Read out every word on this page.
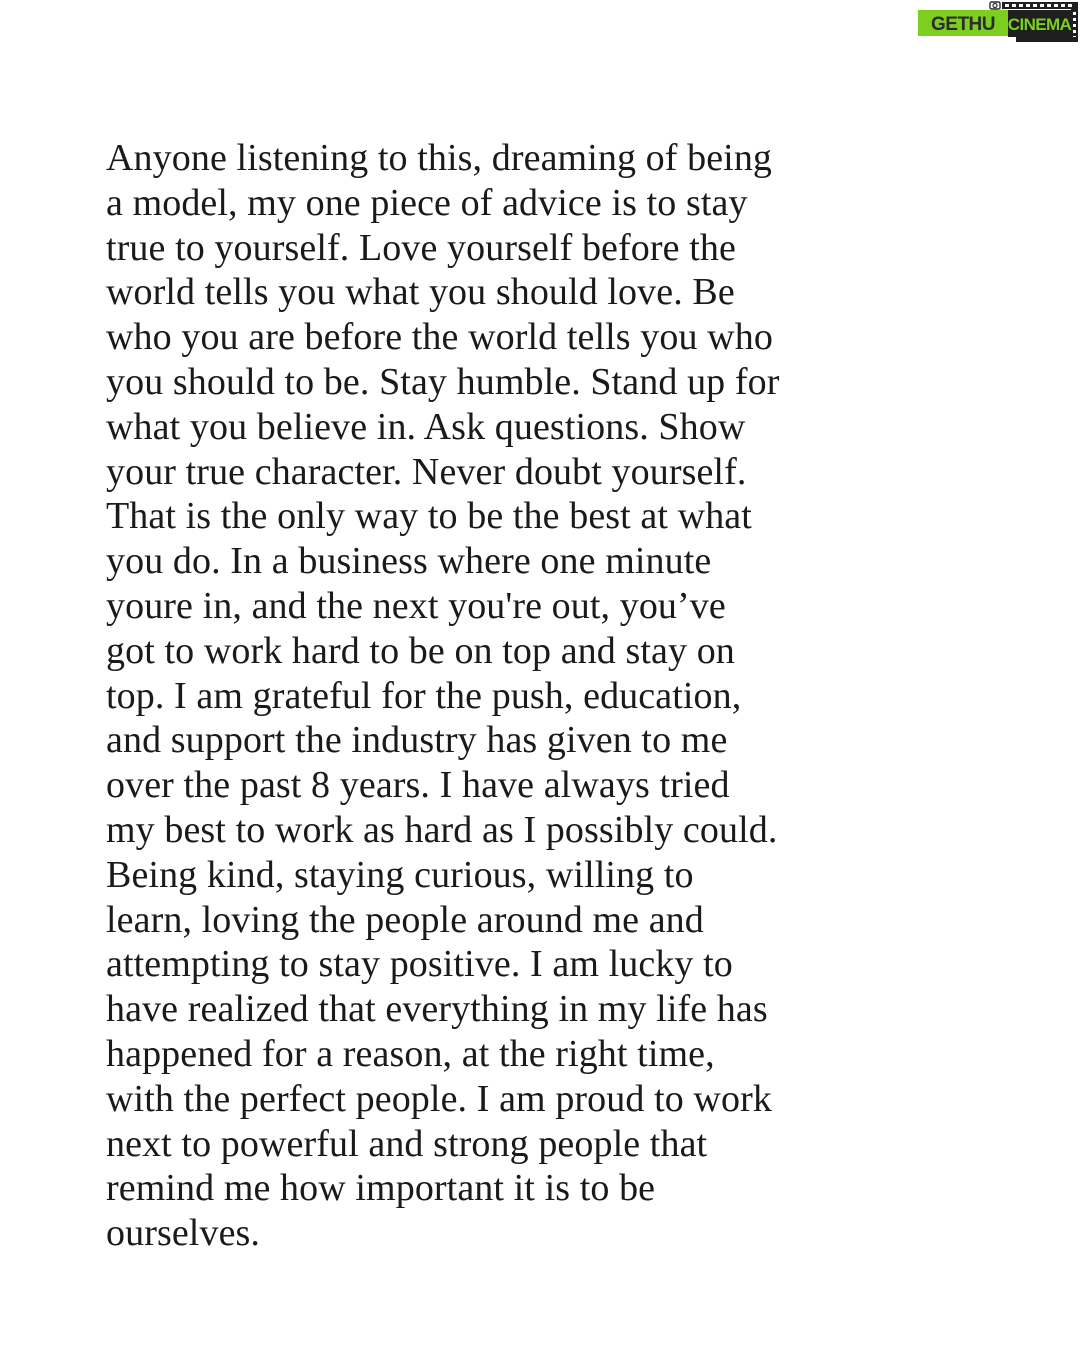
GETHU CINEMA

Anyone listening to this, dreaming of being
a model, my one piece of advice is to stay
true to yourself. Love yourself before the
world tells you what you should love. Be
who you are before the world tells you who
you should to be. Stay humble. Stand up for
what you believe in. Ask questions. Show
your true character. Never doubt yourself.
That is the only way to be the best at what
you do. In a business where one minute
youre in, and the next you're out, you’ve
got to work hard to be on top and stay on
top. I am grateful for the push, education,
and support the industry has given to me
over the past 8 years. I have always tried
my best to work as hard as I possibly could.
Being kind, staying curious, willing to
learn, loving the people around me and
attempting to stay positive. I am lucky to
have realized that everything in my life has
happened for a reason, at the right time,
with the perfect people. I am proud to work
next to powerful and strong people that
remind me how important it is to be
ourselves.
